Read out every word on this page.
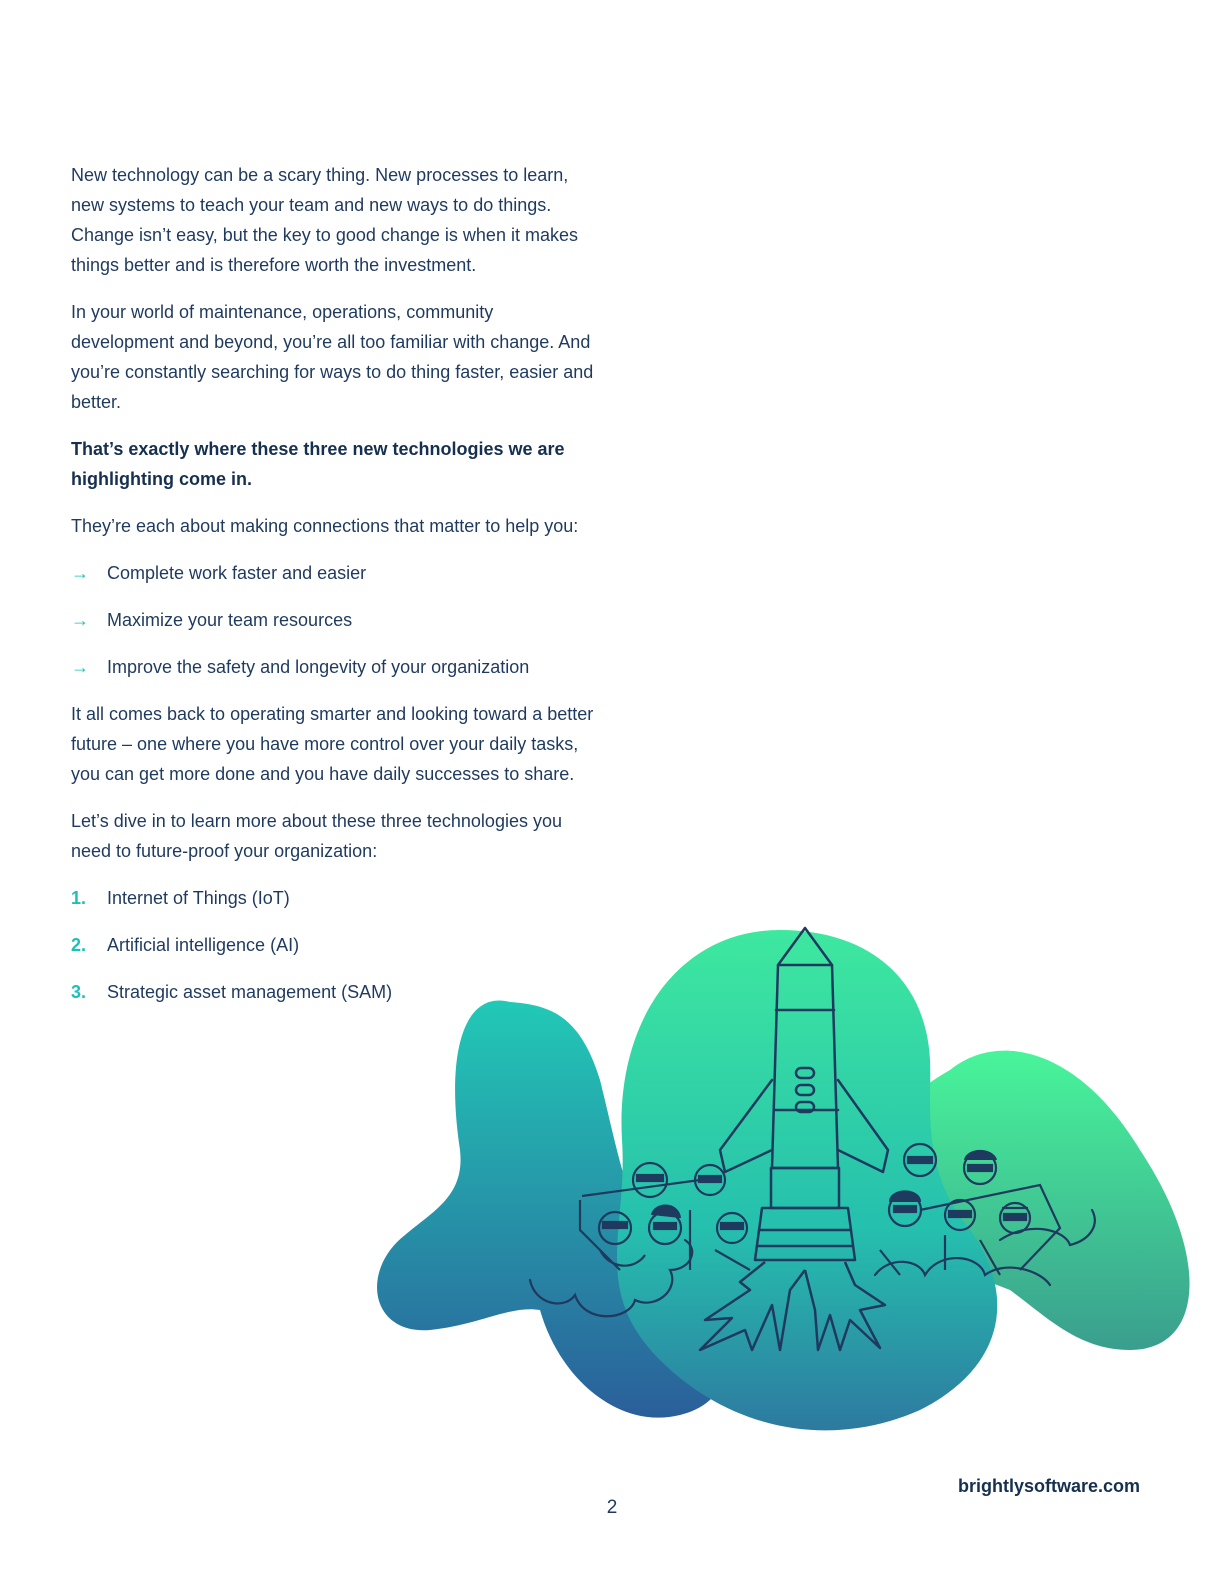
New technology can be a scary thing. New processes to learn, new systems to teach your team and new ways to do things. Change isn’t easy, but the key to good change is when it makes things better and is therefore worth the investment.

In your world of maintenance, operations, community development and beyond, you’re all too familiar with change. And you’re constantly searching for ways to do thing faster, easier and better.

That’s exactly where these three new technologies we are highlighting come in.

They’re each about making connections that matter to help you:

→ Complete work faster and easier
→ Maximize your team resources
→ Improve the safety and longevity of your organization

It all comes back to operating smarter and looking toward a better future – one where you have more control over your daily tasks, you can get more done and you have daily successes to share.

Let’s dive in to learn more about these three technologies you need to future-proof your organization:

1. Internet of Things (IoT)
2. Artificial intelligence (AI)
3. Strategic asset management (SAM)
brightlysoftware.com
2
